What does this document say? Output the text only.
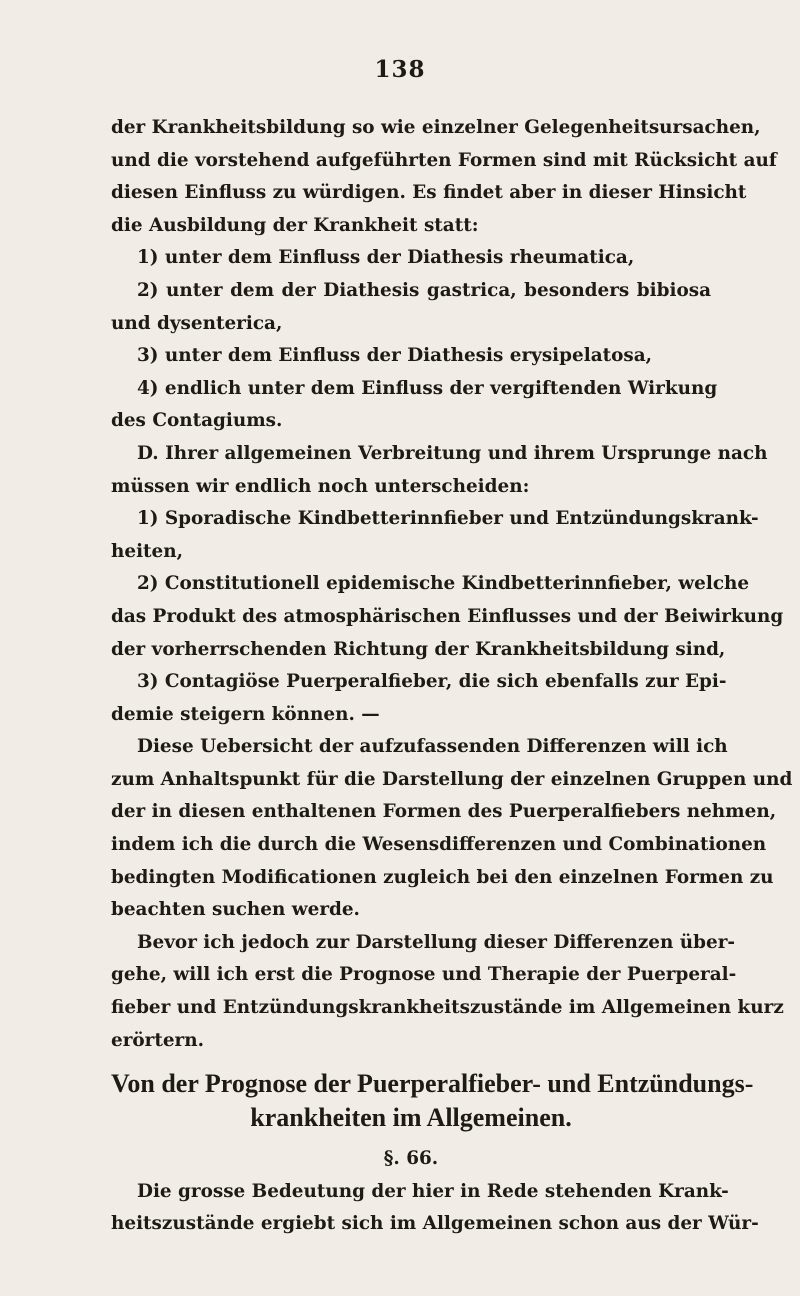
138
der Krankheitsbildung so wie einzelner Gelegenheitsursachen,
und die vorstehend aufgeführten Formen sind mit Rücksicht auf
diesen Einfluss zu würdigen. Es findet aber in dieser Hinsicht
die Ausbildung der Krankheit statt:
1) unter dem Einfluss der Diathesis rheumatica,
2) unter dem der Diathesis gastrica, besonders bibiosa
und dysenterica,
3) unter dem Einfluss der Diathesis erysipelatosa,
4) endlich unter dem Einfluss der vergiftenden Wirkung
des Contagiums.
D. Ihrer allgemeinen Verbreitung und ihrem Ursprunge nach
müssen wir endlich noch unterscheiden:
1) Sporadische Kindbetterinnfieber und Entzündungskrank-
heiten,
2) Constitutionell epidemische Kindbetterinnfieber, welche
das Produkt des atmosphärischen Einflusses und der Beiwirkung
der vorherrschenden Richtung der Krankheitsbildung sind,
3) Contagiöse Puerperalfieber, die sich ebenfalls zur Epi-
demie steigern können. —
Diese Uebersicht der aufzufassenden Differenzen will ich
zum Anhaltspunkt für die Darstellung der einzelnen Gruppen und
der in diesen enthaltenen Formen des Puerperalfiebers nehmen,
indem ich die durch die Wesensdifferenzen und Combinationen
bedingten Modificationen zugleich bei den einzelnen Formen zu
beachten suchen werde.
Bevor ich jedoch zur Darstellung dieser Differenzen über-
gehe, will ich erst die Prognose und Therapie der Puerperal-
fieber und Entzündungskrankheitszustände im Allgemeinen kurz
erörtern.
Von der Prognose der Puerperalfieber- und Entzündungs-
krankheiten im Allgemeinen.
§. 66.
Die grosse Bedeutung der hier in Rede stehenden Krank-
heitszustände ergiebt sich im Allgemeinen schon aus der Wür-
